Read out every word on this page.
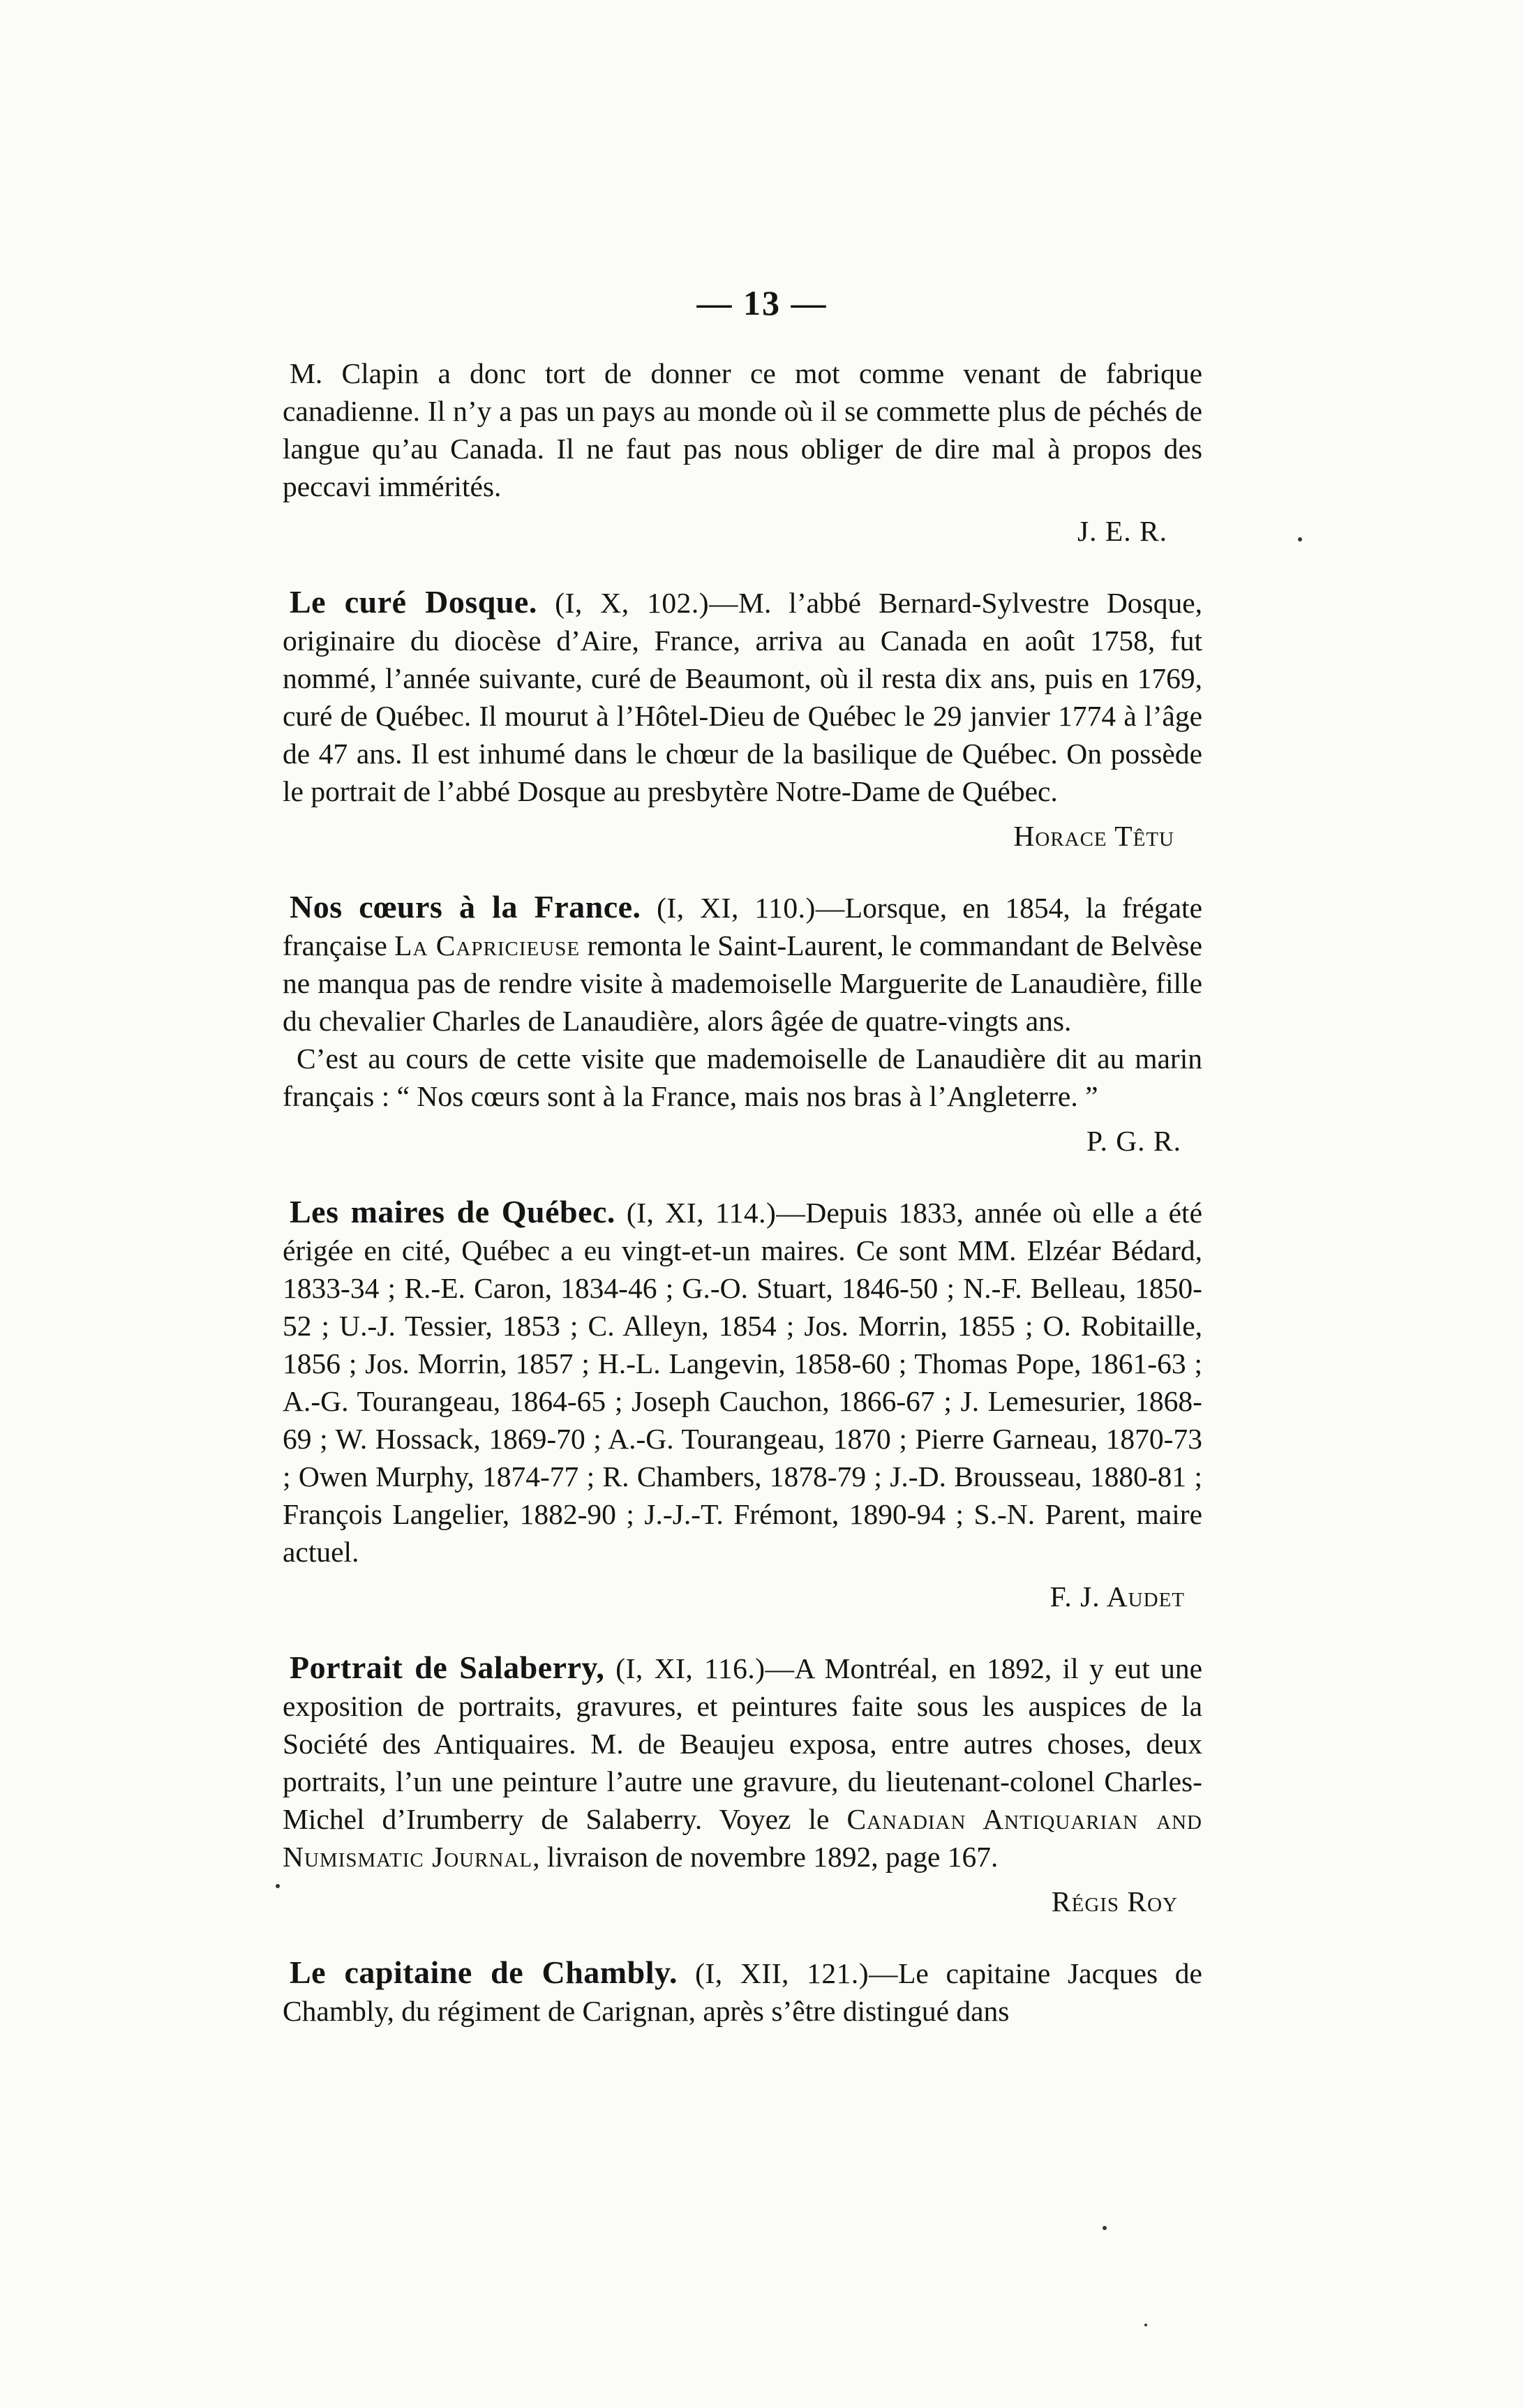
— 13 —

M. Clapin a donc tort de donner ce mot comme venant de fabrique canadienne. Il n’y a pas un pays au monde où il se commette plus de péchés de langue qu’au Canada. Il ne faut pas nous obliger de dire mal à propos des peccavi immérités.

J. E. R.

Le curé Dosque. (I, X, 102.)—M. l’abbé Bernard-Sylvestre Dosque, originaire du diocèse d’Aire, France, arriva au Canada en août 1758, fut nommé, l’année suivante, curé de Beaumont, où il resta dix ans, puis en 1769, curé de Québec. Il mourut à l’Hôtel-Dieu de Québec le 29 janvier 1774 à l’âge de 47 ans. Il est inhumé dans le chœur de la basilique de Québec. On possède le portrait de l’abbé Dosque au presbytère Notre-Dame de Québec.

Horace Têtu

Nos cœurs à la France. (I, XI, 110.)—Lorsque, en 1854, la frégate française La Capricieuse remonta le Saint-Laurent, le commandant de Belvèse ne manqua pas de rendre visite à mademoiselle Marguerite de Lanaudière, fille du chevalier Charles de Lanaudière, alors âgée de quatre-vingts ans.

C’est au cours de cette visite que mademoiselle de Lanaudière dit au marin français : “ Nos cœurs sont à la France, mais nos bras à l’Angleterre. ”

P. G. R.

Les maires de Québec. (I, XI, 114.)—Depuis 1833, année où elle a été érigée en cité, Québec a eu vingt-et-un maires. Ce sont MM. Elzéar Bédard, 1833-34 ; R.-E. Caron, 1834-46 ; G.-O. Stuart, 1846-50 ; N.-F. Belleau, 1850-52 ; U.-J. Tessier, 1853 ; C. Alleyn, 1854 ; Jos. Morrin, 1855 ; O. Robitaille, 1856 ; Jos. Morrin, 1857 ; H.-L. Langevin, 1858-60 ; Thomas Pope, 1861-63 ; A.-G. Tourangeau, 1864-65 ; Joseph Cauchon, 1866-67 ; J. Lemesurier, 1868-69 ; W. Hossack, 1869-70 ; A.-G. Tourangeau, 1870 ; Pierre Garneau, 1870-73 ; Owen Murphy, 1874-77 ; R. Chambers, 1878-79 ; J.-D. Brousseau, 1880-81 ; François Langelier, 1882-90 ; J.-J.-T. Frémont, 1890-94 ; S.-N. Parent, maire actuel.

F. J. Audet

Portrait de Salaberry, (I, XI, 116.)—A Montréal, en 1892, il y eut une exposition de portraits, gravures, et peintures faite sous les auspices de la Société des Antiquaires. M. de Beaujeu exposa, entre autres choses, deux portraits, l’un une peinture l’autre une gravure, du lieutenant-colonel Charles-Michel d’Irumberry de Salaberry. Voyez le Canadian Antiquarian and Numismatic Journal, livraison de novembre 1892, page 167.

Régis Roy

Le capitaine de Chambly. (I, XII, 121.)—Le capitaine Jacques de Chambly, du régiment de Carignan, après s’être distingué dans
